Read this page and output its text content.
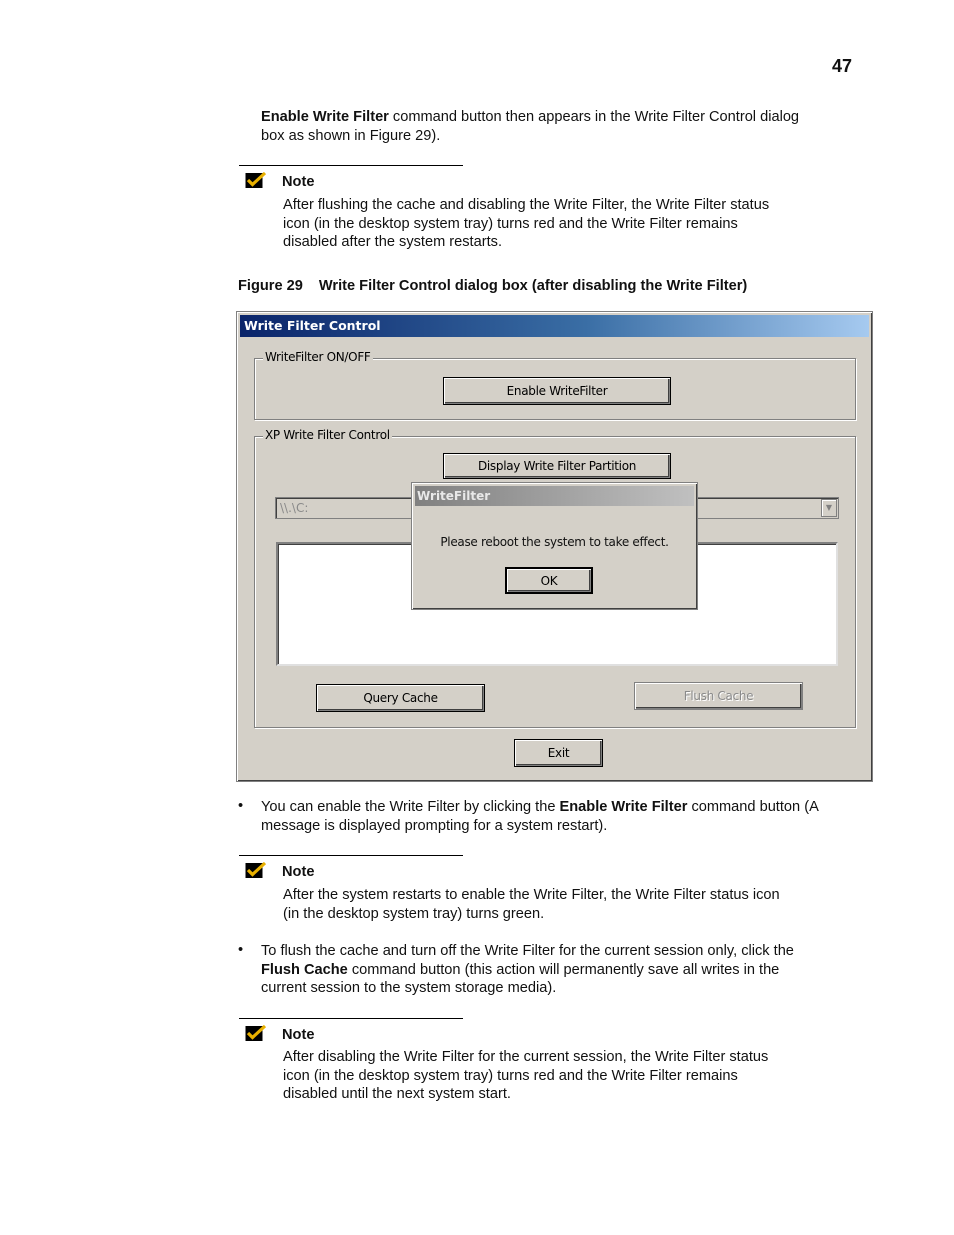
47
Enable Write Filter command button then appears in the Write Filter Control dialog
box as shown in Figure 29).
Note
After flushing the cache and disabling the Write Filter, the Write Filter status
icon (in the desktop system tray) turns red and the Write Filter remains
disabled after the system restarts.
Figure 29 Write Filter Control dialog box (after disabling the Write Filter)
Write Filter Control
WriteFilter ON/OFF
Enable WriteFilter
XP Write Filter Control
Display Write Filter Partition
\\.\C:	▼
Query Cache	Flush Cache
Exit
WriteFilter
Please reboot the system to take effect.
OK
• You can enable the Write Filter by clicking the Enable Write Filter command button (A
message is displayed prompting for a system restart).
Note
After the system restarts to enable the Write Filter, the Write Filter status icon
(in the desktop system tray) turns green.
• To flush the cache and turn off the Write Filter for the current session only, click the
Flush Cache command button (this action will permanently save all writes in the
current session to the system storage media).
Note
After disabling the Write Filter for the current session, the Write Filter status
icon (in the desktop system tray) turns red and the Write Filter remains
disabled until the next system start.
